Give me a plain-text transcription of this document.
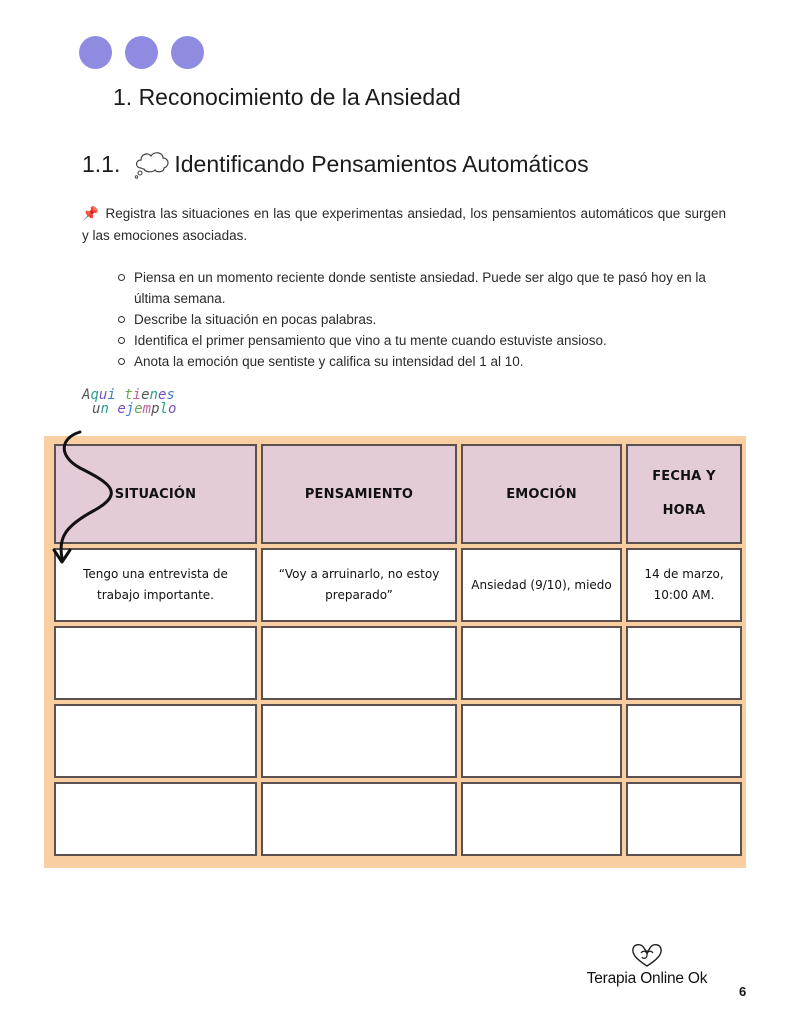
1. Reconocimiento de la Ansiedad
1.1. Identificando Pensamientos Automáticos
📌 Registra las situaciones en las que experimentas ansiedad, los pensamientos automáticos que surgen y las emociones asociadas.
Piensa en un momento reciente donde sentiste ansiedad. Puede ser algo que te pasó hoy en la última semana.
Describe la situación en pocas palabras.
Identifica el primer pensamiento que vino a tu mente cuando estuviste ansioso.
Anota la emoción que sentiste y califica su intensidad del 1 al 10.
Aqui tienes
un ejemplo
SITUACIÓN	PENSAMIENTO	EMOCIÓN
FECHA Y HORA
Tengo una entrevista de trabajo importante.
“Voy a arruinarlo, no estoy preparado”
Ansiedad (9/10), miedo
14 de marzo, 10:00 AM.
Terapia Online Ok
6
